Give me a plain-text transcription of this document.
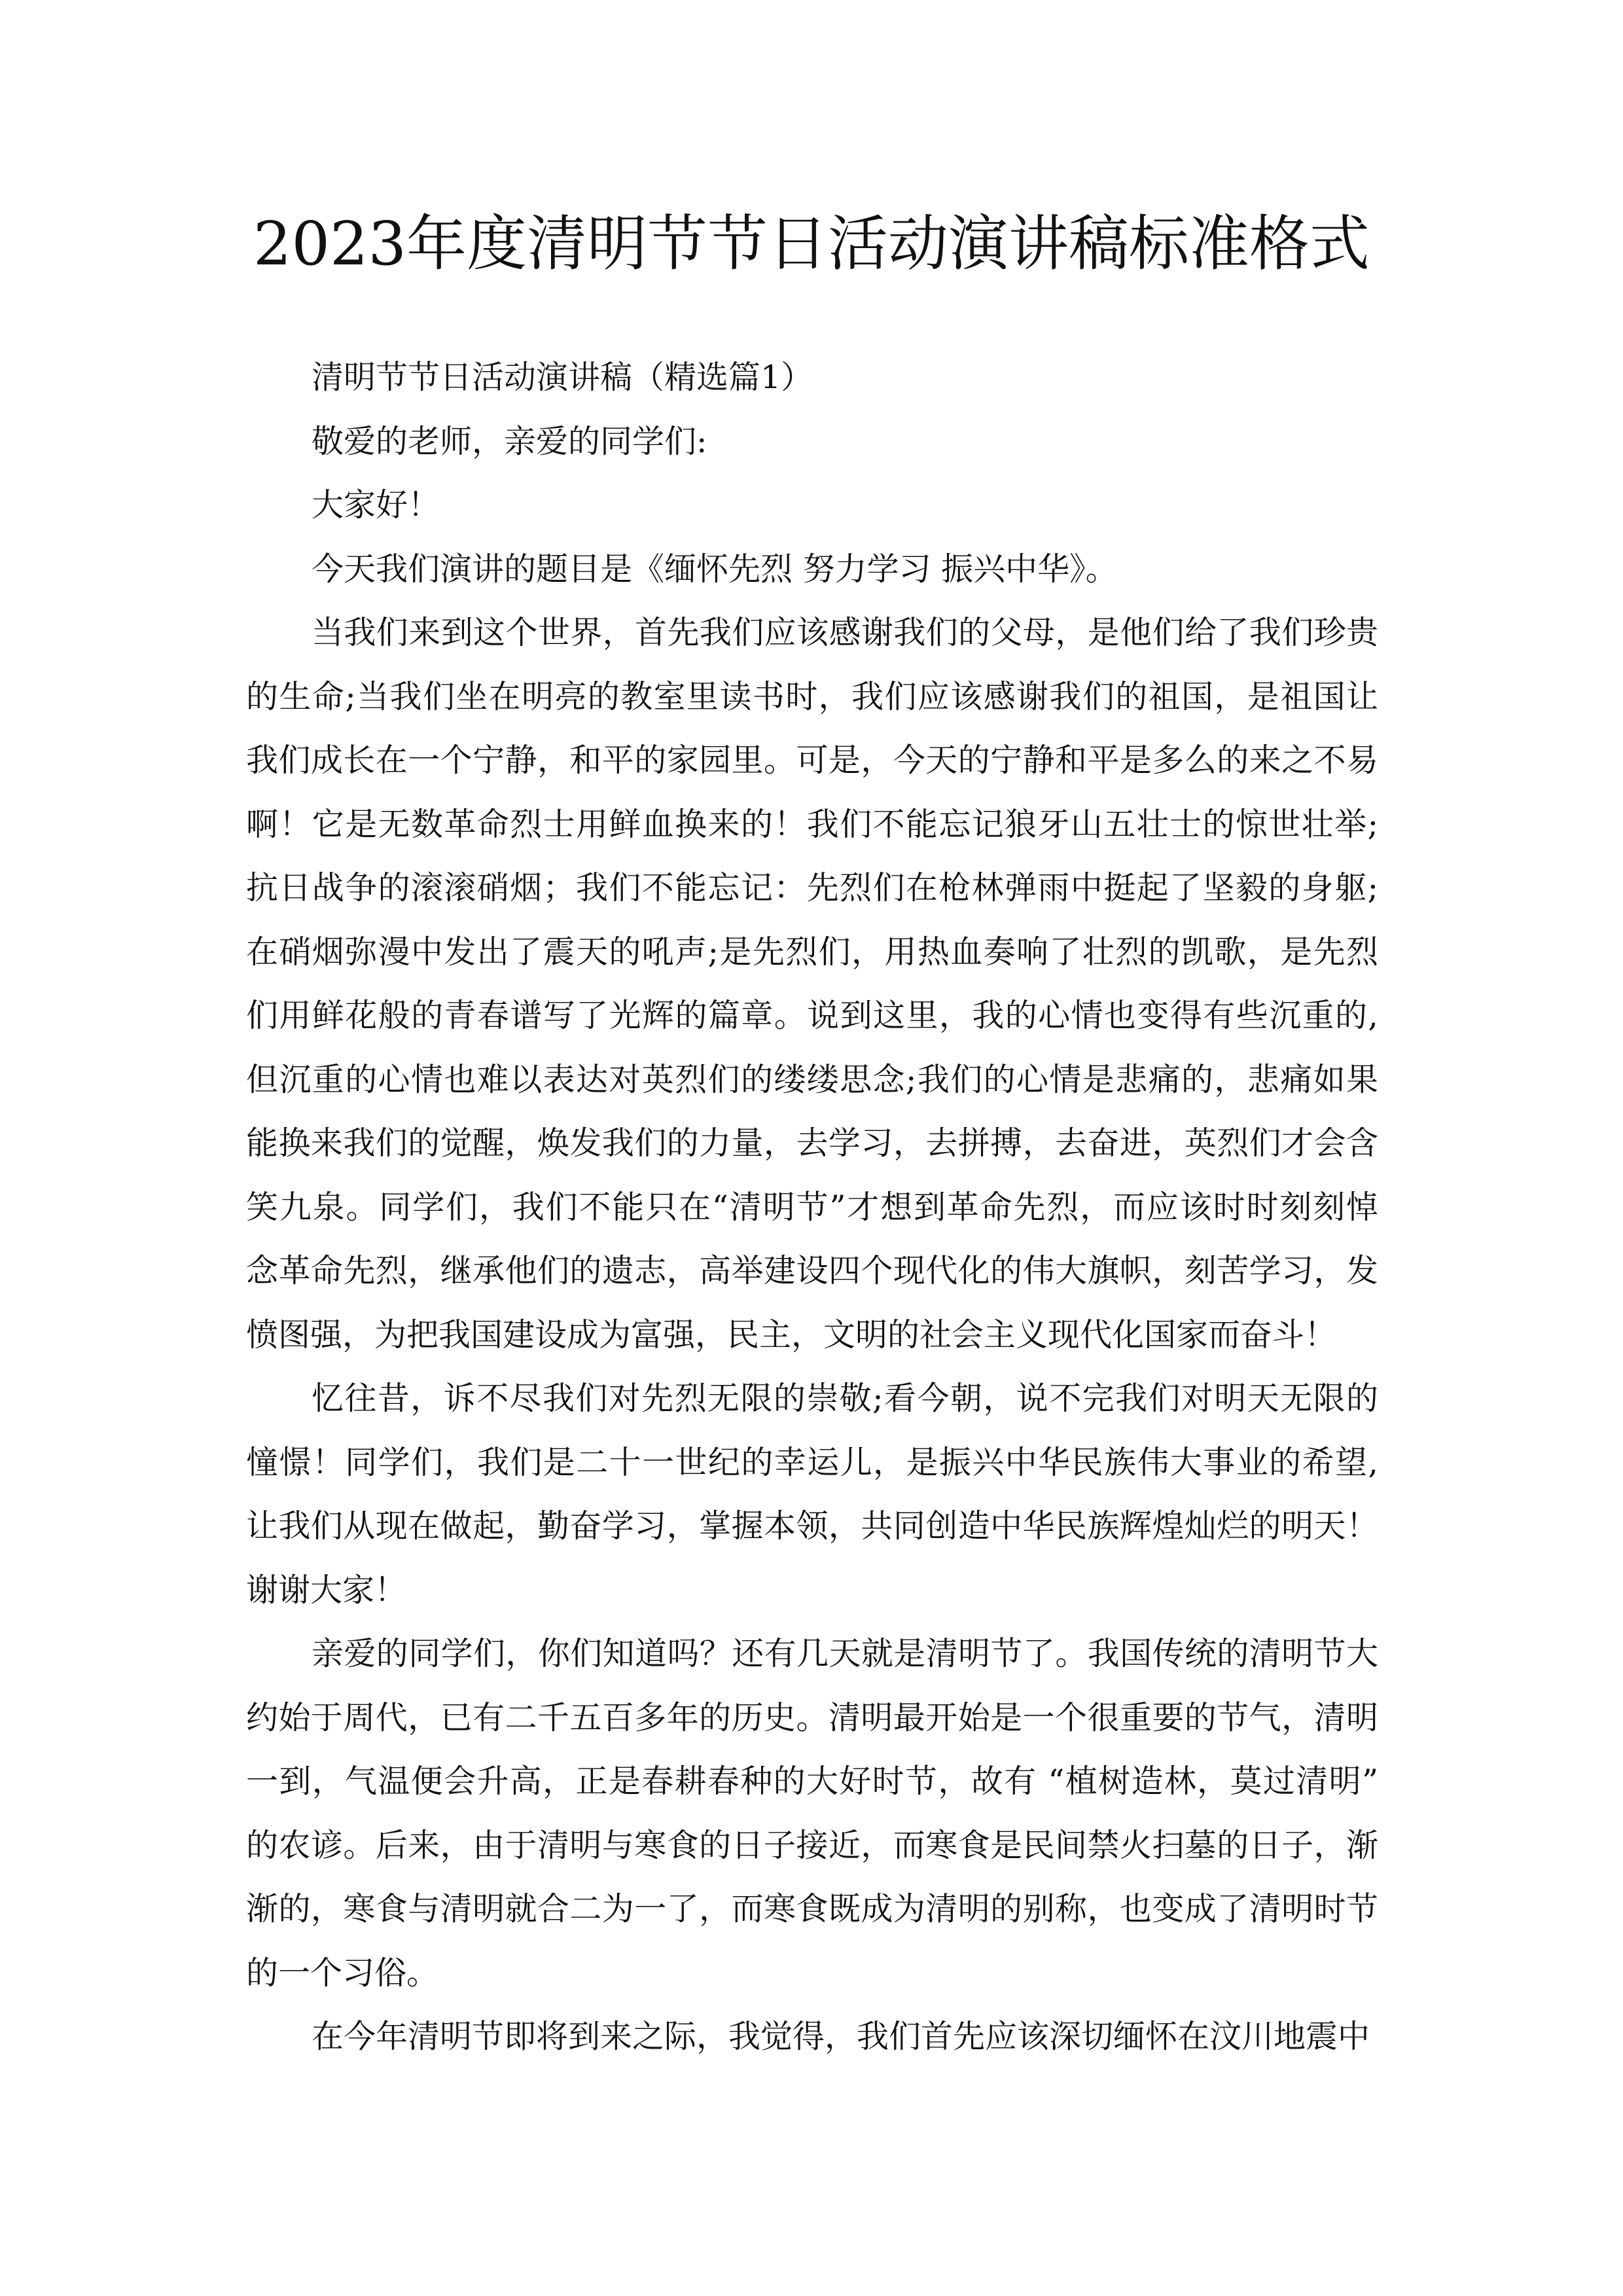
2023年度清明节节日活动演讲稿标准格式
清明节节日活动演讲稿（精选篇1）
敬爱的老师，亲爱的同学们:
大家好！
今天我们演讲的题目是《缅怀先烈 努力学习 振兴中华》。
当我们来到这个世界，首先我们应该感谢我们的父母，是他们给了我们珍贵
的生命;当我们坐在明亮的教室里读书时，我们应该感谢我们的祖国，是祖国让
我们成长在一个宁静，和平的家园里。可是，今天的宁静和平是多么的来之不易
啊！它是无数革命烈士用鲜血换来的！我们不能忘记狼牙山五壮士的惊世壮举;
抗日战争的滚滚硝烟；我们不能忘记：先烈们在枪林弹雨中挺起了坚毅的身躯;
在硝烟弥漫中发出了震天的吼声;是先烈们，用热血奏响了壮烈的凯歌，是先烈
们用鲜花般的青春谱写了光辉的篇章。说到这里，我的心情也变得有些沉重的,
但沉重的心情也难以表达对英烈们的缕缕思念;我们的心情是悲痛的，悲痛如果
能换来我们的觉醒，焕发我们的力量，去学习，去拼搏，去奋进，英烈们才会含
笑九泉。同学们，我们不能只在“清明节”才想到革命先烈，而应该时时刻刻悼
念革命先烈，继承他们的遗志，高举建设四个现代化的伟大旗帜，刻苦学习，发
愤图强，为把我国建设成为富强，民主，文明的社会主义现代化国家而奋斗！
忆往昔，诉不尽我们对先烈无限的崇敬;看今朝，说不完我们对明天无限的
憧憬！同学们，我们是二十一世纪的幸运儿，是振兴中华民族伟大事业的希望,
让我们从现在做起，勤奋学习，掌握本领，共同创造中华民族辉煌灿烂的明天！
谢谢大家！
亲爱的同学们，你们知道吗？还有几天就是清明节了。我国传统的清明节大
约始于周代，已有二千五百多年的历史。清明最开始是一个很重要的节气，清明
一到，气温便会升高，正是春耕春种的大好时节，故有 “植树造林，莫过清明”
的农谚。后来，由于清明与寒食的日子接近，而寒食是民间禁火扫墓的日子，渐
渐的，寒食与清明就合二为一了，而寒食既成为清明的别称，也变成了清明时节
的一个习俗。
在今年清明节即将到来之际，我觉得，我们首先应该深切缅怀在汶川地震中
